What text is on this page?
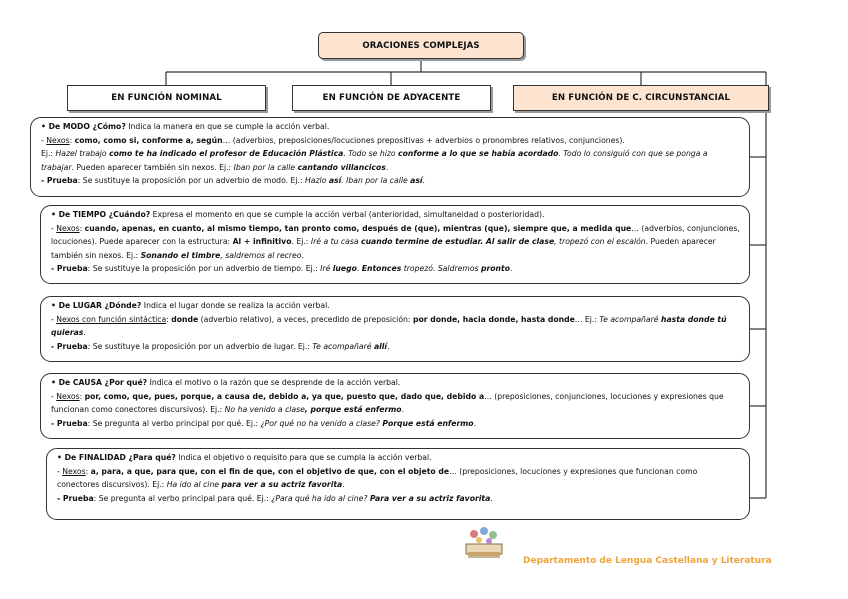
ORACIONES COMPLEJAS
EN FUNCIÓN NOMINAL	EN FUNCIÓN DE ADYACENTE	EN FUNCIÓN DE C. CIRCUNSTANCIAL

• De MODO ¿Cómo? Indica la manera en que se cumple la acción verbal.

- Nexos: como, como si, conforme a, según… (adverbios, preposiciones/locuciones prepositivas + adverbios o pronombres relativos, conjunciones).

Ej.: Hazel trabajo como te ha indicado el profesor de Educación Plástica. Todo se hizo conforme a lo que se había acordado. Todo lo consiguió con que se ponga a trabajar. Pueden aparecer también sin nexos. Ej.: Iban por la calle cantando villancicos.

- Prueba: Se sustituye la proposición por un adverbio de modo. Ej.: Hazlo así. Iban por la calle así.

• De TIEMPO ¿Cuándo? Expresa el momento en que se cumple la acción verbal (anterioridad, simultaneidad o posterioridad).

- Nexos: cuando, apenas, en cuanto, al mismo tiempo, tan pronto como, después de (que), mientras (que), siempre que, a medida que… (adverbios, conjunciones, locuciones). Puede aparecer con la estructura: Al + infinitivo. Ej.: Iré a tu casa cuando termine de estudiar. Al salir de clase, tropezó con el escalón. Pueden aparecer también sin nexos. Ej.: Sonando el timbre, saldremos al recreo.

- Prueba: Se sustituye la proposición por un adverbio de tiempo. Ej.: Iré luego. Entonces tropezó. Saldremos pronto.

• De LUGAR ¿Dónde? Indica el lugar donde se realiza la acción verbal.

- Nexos con función sintáctica: donde (adverbio relativo), a veces, precedido de preposición: por donde, hacia donde, hasta donde… Ej.: Te acompañaré hasta donde tú quieras.

- Prueba: Se sustituye la proposición por un adverbio de lugar. Ej.: Te acompañaré allí.

• De CAUSA ¿Por qué? Indica el motivo o la razón que se desprende de la acción verbal.

- Nexos: por, como, que, pues, porque, a causa de, debido a, ya que, puesto que, dado que, debido a… (preposiciones, conjunciones, locuciones y expresiones que funcionan como conectores discursivos). Ej.: No ha venido a clase, porque está enfermo.

- Prueba: Se pregunta al verbo principal por qué. Ej.: ¿Por qué no ha venido a clase? Porque está enfermo.

• De FINALIDAD ¿Para qué? Indica el objetivo o requisito para que se cumpla la acción verbal.

- Nexos: a, para, a que, para que, con el fin de que, con el objetivo de que, con el objeto de… (preposiciones, locuciones y expresiones que funcionan como conectores discursivos). Ej.: Ha ido al cine para ver a su actriz favorita.

- Prueba: Se pregunta al verbo principal para qué. Ej.: ¿Para qué ha ido al cine? Para ver a su actriz favorita.

Departamento de Lengua Castellana y Literatura
